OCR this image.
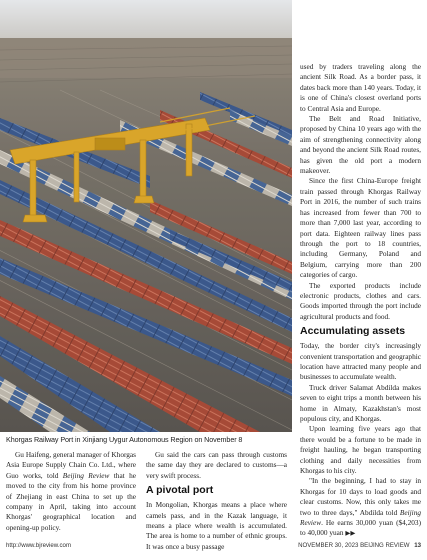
Khorgas Railway Port in Xinjiang Uygur Autonomous Region on November 8

Gu Haifeng, general manager of Khorgas Asia Europe Supply Chain Co. Ltd., where Guo works, told Beijing Review that he moved to the city from his home province of Zhejiang in east China to set up the company in April, taking into account Khorgas' geographical location and opening-up policy.

Gu said the cars can pass through customs the same day they are declared to customs—a very swift process.

A pivotal port

In Mongolian, Khorgas means a place where camels pass, and in the Kazak language, it means a place where wealth is accumulated. The area is home to a number of ethnic groups. It was once a busy passage

used by traders traveling along the ancient Silk Road. As a border pass, it dates back more than 140 years. Today, it is one of China's closest overland ports to Central Asia and Europe.

The Belt and Road Initiative, proposed by China 10 years ago with the aim of strengthening connectivity along and beyond the ancient Silk Road routes, has given the old port a modern makeover.

Since the first China-Europe freight train passed through Khorgas Railway Port in 2016, the number of such trains has increased from fewer than 700 to more than 7,000 last year, according to port data. Eighteen railway lines pass through the port to 18 countries, including Germany, Poland and Belgium, carrying more than 200 categories of cargo.

The exported products include electronic products, clothes and cars. Goods imported through the port include agricultural products and food.

Accumulating assets

Today, the border city's increasingly convenient transportation and geographic location have attracted many people and businesses to accumulate wealth.

Truck driver Salamat Abdilda makes seven to eight trips a month between his home in Almaty, Kazakhstan's most populous city, and Khorgas.

Upon learning five years ago that there would be a fortune to be made in freight hauling, he began transporting clothing and daily necessities from Khorgas to his city.

"In the beginning, I had to stay in Khorgas for 10 days to load goods and clear customs. Now, this only takes me two to three days," Abdilda told Beijing Review. He earns 30,000 yuan ($4,203) to 40,000 yuan ▶▶

http://www.bjreview.com	NOVEMBER 30, 2023 BEIJING REVIEW 13
